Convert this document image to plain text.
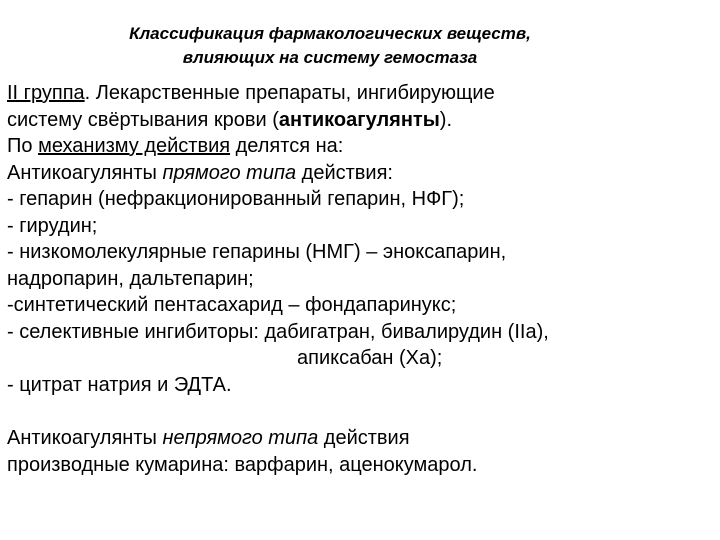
Классификация фармакологических веществ,
влияющих на систему гемостаза
II группа. Лекарственные препараты, ингибирующие
систему свёртывания крови (антикоагулянты).
По механизму действия делятся на:
Антикоагулянты прямого типа действия:
- гепарин (нефракционированный гепарин, НФГ);
- гирудин;
- низкомолекулярные гепарины (НМГ) – эноксапарин,
надропарин, дальтепарин;
-синтетический пентасахарид – фондапаринукс;
- селективные ингибиторы: дабигатран, бивалирудин (IIa),
апиксабан (Xa);
- цитрат натрия и ЭДТА.
Антикоагулянты непрямого типа действия
производные кумарина: варфарин, аценокумарол.
